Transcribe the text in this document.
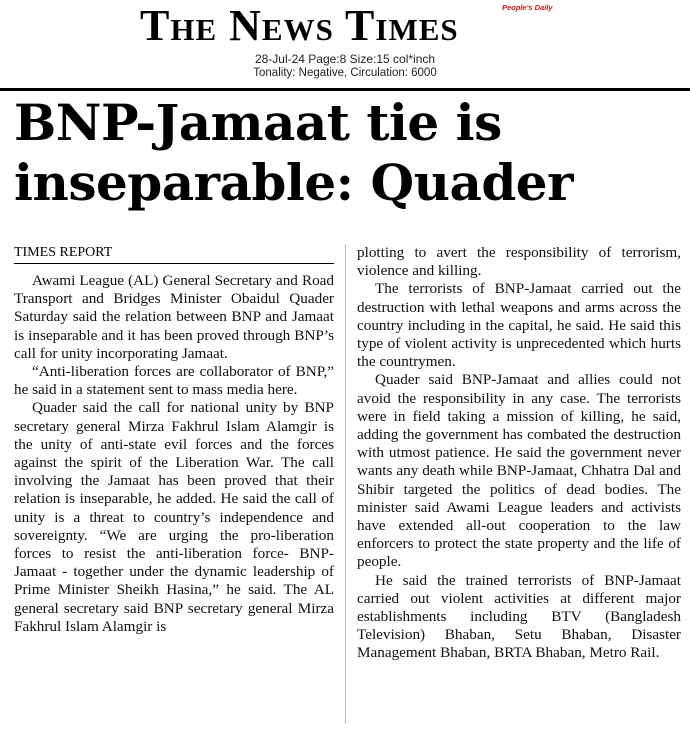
The News Times	People's Daily
28-Jul-24 Page:8 Size:15 col*inch
Tonality: Negative, Circulation: 6000
BNP-Jamaat tie is inseparable: Quader
TIMES REPORT

Awami League (AL) General Secretary and Road Transport and Bridges Minister Obaidul Quader Saturday said the relation between BNP and Jamaat is inseparable and it has been proved through BNP’s call for unity incorporating Jamaat.

“Anti-liberation forces are collaborator of BNP,” he said in a statement sent to mass media here.

Quader said the call for national unity by BNP secretary general Mirza Fakhrul Islam Alamgir is the unity of anti-state evil forces and the forces against the spirit of the Liberation War. The call involving the Jamaat has been proved that their relation is inseparable, he added. He said the call of unity is a threat to country’s independence and sovereignty. “We are urging the pro-liberation forces to resist the anti-liberation force- BNP-Jamaat - together under the dynamic leadership of Prime Minister Sheikh Hasina,” he said. The AL general secretary said BNP secretary general Mirza Fakhrul Islam Alamgir is

plotting to avert the responsibility of terrorism, violence and killing.

The terrorists of BNP-Jamaat carried out the destruction with lethal weapons and arms across the country including in the capital, he said. He said this type of violent activity is unprecedented which hurts the countrymen.

Quader said BNP-Jamaat and allies could not avoid the responsibility in any case. The terrorists were in field taking a mission of killing, he said, adding the government has combated the destruction with utmost patience. He said the government never wants any death while BNP-Jamaat, Chhatra Dal and Shibir targeted the politics of dead bodies. The minister said Awami League leaders and activists have extended all-out cooperation to the law enforcers to protect the state property and the life of people.

He said the trained terrorists of BNP-Jamaat carried out violent activities at different major establishments including BTV (Bangladesh Television) Bhaban, Setu Bhaban, Disaster Management Bhaban, BRTA Bhaban, Metro Rail.
